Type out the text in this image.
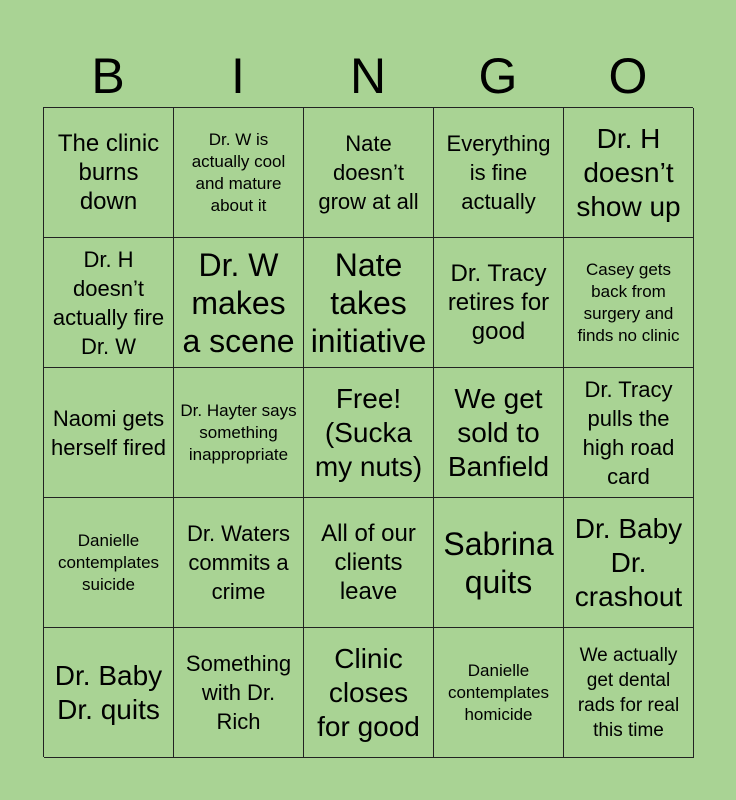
B	I	N	G	O
The clinic burns down
Dr. W is actually cool and mature about it
Nate doesn’t grow at all
Everything is fine actually
Dr. H doesn’t show up
Dr. H doesn’t actually fire Dr. W
Dr. W makes a scene
Nate takes initiative
Dr. Tracy retires for good
Casey gets back from surgery and finds no clinic
Naomi gets herself fired
Dr. Hayter says something inappropriate
Free! (Sucka my nuts)
We get sold to Banfield
Dr. Tracy pulls the high road card
Danielle contemplates suicide
Dr. Waters commits a crime
All of our clients leave
Sabrina quits
Dr. Baby Dr. crashout
Dr. Baby Dr. quits
Something with Dr. Rich
Clinic closes for good
Danielle contemplates homicide
We actually get dental rads for real this time
